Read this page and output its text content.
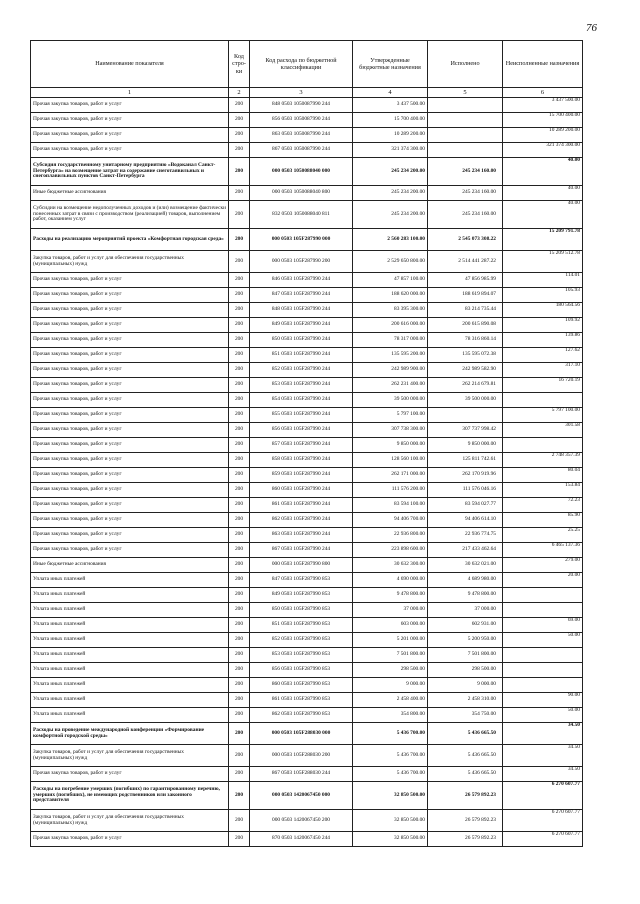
76
Наименование показателя	Код стро-ки	Код расхода по бюджетной классификации	Утвержденные бюджетные назначения	Исполнено	Неисполненные назначения
1	2	3	4	5	6
Прочая закупка товаров, работ и услуг	200	848 0503 1050087990 244	3 437 500.00		3 437 500.00
Прочая закупка товаров, работ и услуг	200	856 0503 1050087990 244	15 700 400.00		15 700 400.00
Прочая закупка товаров, работ и услуг	200	863 0503 1050087990 244	10 289 200.00		10 289 200.00
Прочая закупка товаров, работ и услуг	200	867 0503 1050087990 244	321 374 300.00		321 374 300.00
Субсидия государственному унитарному предприятию «Водоканал Санкт-Петербурга» на возмещение затрат на содержание снеготаявильных и снегоплавильных пунктов Санкт-Петербурга	200	000 0503 1050088040 000	245 234 200.00	245 234 160.00	40.00
Иные бюджетные ассигнования	200	000 0503 1050088040 800	245 234 200.00	245 234 160.00	40.00
Субсидии на возмещение недополученных доходов и (или) возмещение фактически понесенных затрат в связи с производством (реализацией) товаров, выполнением работ, оказанием услуг	200	832 0503 1050088040 811	245 234 200.00	245 234 160.00	40.00
Расходы на реализацию мероприятий проекта «Комфортная городская среда»	200	000 0503 105F287990 000	2 560 283 100.00	2 545 073 308.22	15 209 791.78
Закупка товаров, работ и услуг для обеспечения государственных (муниципальных) нужд	200	000 0503 105F287990 200	2 529 650 800.00	2 514 441 287.22	15 209 512.78
Прочая закупка товаров, работ и услуг	200	846 0503 105F287990 244	47 857 100.00	47 856 985.99	114.01
Прочая закупка товаров, работ и услуг	200	847 0503 105F287990 244	188 620 000.00	188 619 894.07	105.93
Прочая закупка товаров, работ и услуг	200	848 0503 105F287990 244	83 395 300.00	83 214 735.44	180 564.56
Прочая закупка товаров, работ и услуг	200	849 0503 105F287990 244	200 616 000.00	200 615 890.08	109.92
Прочая закупка товаров, работ и услуг	200	850 0503 105F287990 244	78 317 000.00	78 316 860.14	139.86
Прочая закупка товаров, работ и услуг	200	851 0503 105F287990 244	135 595 200.00	135 595 072.38	127.62
Прочая закупка товаров, работ и услуг	200	852 0503 105F287990 244	242 989 900.00	242 989 582.90	317.10
Прочая закупка товаров, работ и услуг	200	853 0503 105F287990 244	262 231 400.00	262 214 679.81	16 720.19
Прочая закупка товаров, работ и услуг	200	854 0503 105F287990 244	39 500 000.00	39 500 000.00	
Прочая закупка товаров, работ и услуг	200	855 0503 105F287990 244	5 797 100.00		5 797 100.00
Прочая закупка товаров, работ и услуг	200	856 0503 105F287990 244	307 738 300.00	307 737 998.42	301.58
Прочая закупка товаров, работ и услуг	200	857 0503 105F287990 244	9 850 000.00	9 850 000.00	
Прочая закупка товаров, работ и услуг	200	858 0503 105F287990 244	128 560 100.00	125 811 742.61	2 748 357.39
Прочая закупка товаров, работ и услуг	200	859 0503 105F287990 244	262 171 000.00	262 170 919.96	80.04
Прочая закупка товаров, работ и услуг	200	860 0503 105F287990 244	111 576 200.00	111 576 046.16	153.84
Прочая закупка товаров, работ и услуг	200	861 0503 105F287990 244	83 594 100.00	83 594 027.77	72.23
Прочая закупка товаров, работ и услуг	200	862 0503 105F287990 244	94 406 700.00	94 406 614.10	85.90
Прочая закупка товаров, работ и услуг	200	863 0503 105F287990 244	22 936 800.00	22 936 774.75	25.25
Прочая закупка товаров, работ и услуг	200	867 0503 105F287990 244	223 898 600.00	217 433 462.64	6 465 137.36
Иные бюджетные ассигнования	200	000 0503 105F287990 800	30 632 300.00	30 632 021.00	279.00
Уплата иных платежей	200	847 0503 105F287990 853	4 690 000.00	4 689 980.00	20.00
Уплата иных платежей	200	849 0503 105F287990 853	9 478 800.00	9 478 800.00	
Уплата иных платежей	200	850 0503 105F287990 853	37 000.00	37 000.00	
Уплата иных платежей	200	851 0503 105F287990 853	603 000.00	602 931.00	69.00
Уплата иных платежей	200	852 0503 105F287990 853	5 201 000.00	5 200 950.00	50.00
Уплата иных платежей	200	853 0503 105F287990 853	7 501 800.00	7 501 800.00	
Уплата иных платежей	200	856 0503 105F287990 853	298 500.00	298 500.00	
Уплата иных платежей	200	860 0503 105F287990 853	9 000.00	9 000.00	
Уплата иных платежей	200	861 0503 105F287990 853	2 458 400.00	2 458 310.00	90.00
Уплата иных платежей	200	862 0503 105F287990 853	354 800.00	354 750.00	50.00
Расходы на проведение международной конференции «Формирование комфортной городской среды»	200	000 0503 105F288030 000	5 436 700.00	5 436 665.50	34.50
Закупка товаров, работ и услуг для обеспечения государственных (муниципальных) нужд	200	000 0503 105F288030 200	5 436 700.00	5 436 665.50	34.50
Прочая закупка товаров, работ и услуг	200	867 0503 105F288030 244	5 436 700.00	5 436 665.50	34.50
Расходы на погребение умерших (погибших) по гарантированному перечню, умерших (погибших), не имеющих родственников или законного представителя	200	000 0503 1420067450 000	32 850 500.00	26 579 892.23	6 270 607.77
Закупка товаров, работ и услуг для обеспечения государственных (муниципальных) нужд	200	000 0503 1420067450 200	32 850 500.00	26 579 892.23	6 270 607.77
Прочая закупка товаров, работ и услуг	200	870 0503 1420067450 244	32 850 500.00	26 579 892.23	6 270 607.77
